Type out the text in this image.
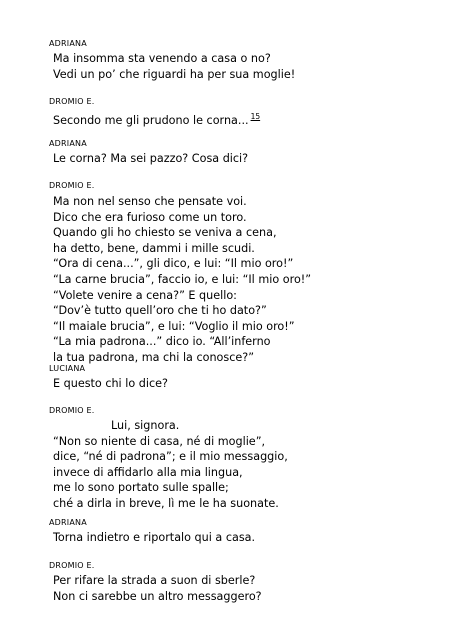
ADRIANA
Ma insomma sta venendo a casa o no?
Vedi un po’ che riguardi ha per sua moglie!
DROMIO E.
Secondo me gli prudono le corna... $^{15}$
ADRIANA
Le corna? Ma sei pazzo? Cosa dici?
DROMIO E.
Ma non nel senso che pensate voi.
Dico che era furioso come un toro.
Quando gli ho chiesto se veniva a cena,
ha detto, bene, dammi i mille scudi.
“Ora di cena...”, gli dico, e lui: “Il mio oro!”
“La carne brucia”, faccio io, e lui: “Il mio oro!”
“Volete venire a cena?” E quello:
“Dov’è tutto quell’oro che ti ho dato?”
“Il maiale brucia”, e lui: “Voglio il mio oro!”
“La mia padrona...” dico io. “All’inferno
la tua padrona, ma chi la conosce?”
LUCIANA
E questo chi lo dice?
DROMIO E.
Lui, signora.
“Non so niente di casa, né di moglie”,
dice, “né di padrona”; e il mio messaggio,
invece di affidarlo alla mia lingua,
me lo sono portato sulle spalle;
ché a dirla in breve, lì me le ha suonate.
ADRIANA
Torna indietro e riportalo qui a casa.
DROMIO E.
Per rifare la strada a suon di sberle?
Non ci sarebbe un altro messaggero?
